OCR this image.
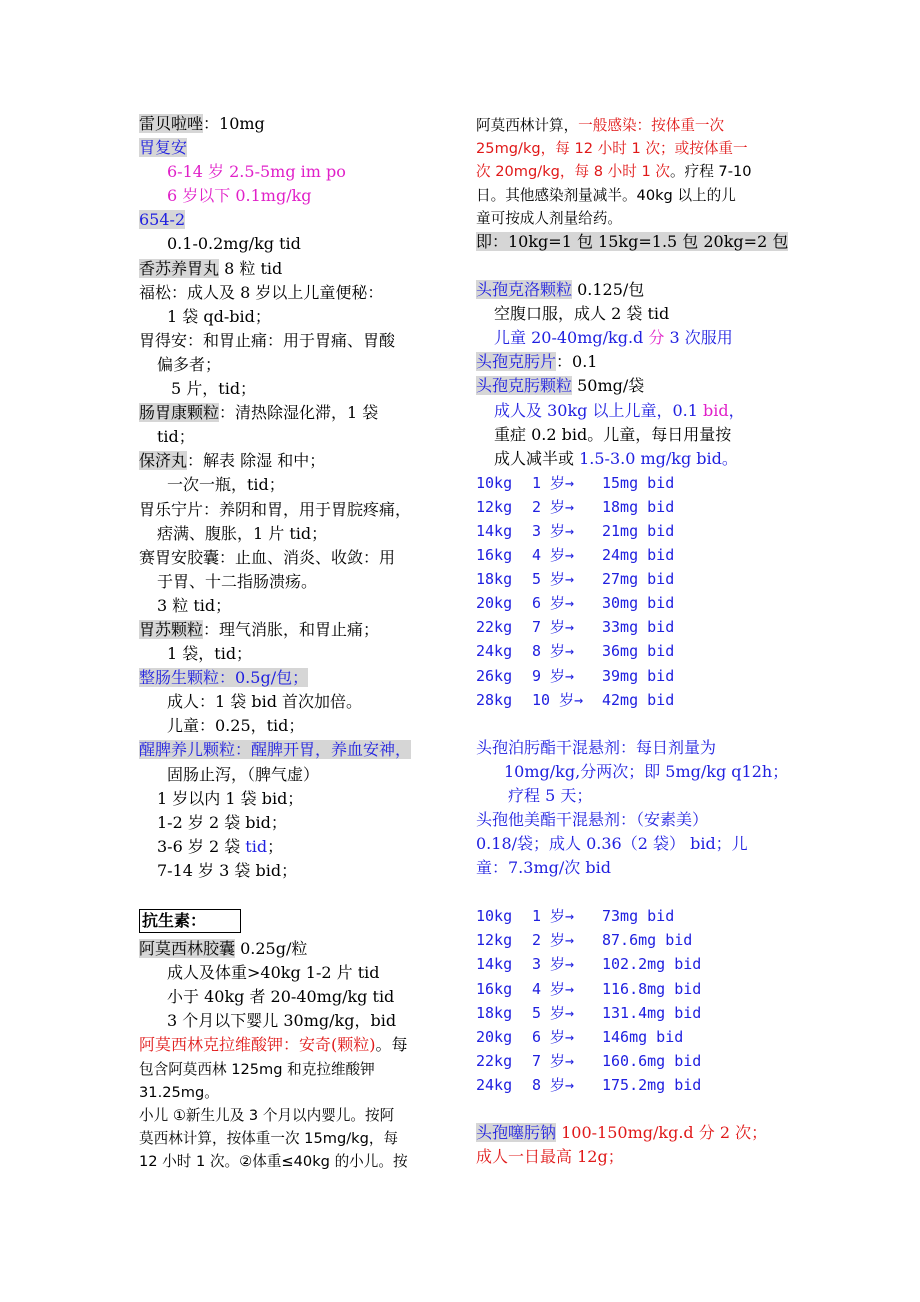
雷贝啦唑：10mg
胃复安
6-14 岁 2.5-5mg im po
6 岁以下 0.1mg/kg
654-2
0.1-0.2mg/kg tid
香苏养胃丸 8 粒 tid
福松：成人及 8 岁以上儿童便秘：
1 袋 qd-bid；
胃得安：和胃止痛：用于胃痛、胃酸
偏多者；
5 片，tid；
肠胃康颗粒：清热除湿化滞，1 袋
tid；
保济丸：解表 除湿 和中；
一次一瓶，tid；
胃乐宁片：养阴和胃，用于胃脘疼痛，
痞满、腹胀，1 片 tid；
赛胃安胶囊：止血、消炎、收敛：用
于胃、十二指肠溃疡。
3 粒 tid；
胃苏颗粒：理气消胀，和胃止痛；
1 袋，tid；
整肠生颗粒：0.5g/包；
成人：1 袋 bid 首次加倍。
儿童：0.25，tid；
醒脾养儿颗粒：醒脾开胃，养血安神，
固肠止泻，（脾气虚）
1 岁以内 1 袋 bid；
1-2 岁 2 袋 bid；
3-6 岁 2 袋 tid；
7-14 岁 3 袋 bid；
抗生素：
阿莫西林胶囊 0.25g/粒
成人及体重>40kg 1-2 片 tid
小于 40kg 者 20-40mg/kg tid
3 个月以下婴儿 30mg/kg，bid
阿莫西林克拉维酸钾：安奇(颗粒)。每
包含阿莫西林 125mg 和克拉维酸钾
31.25mg。
小儿 ①新生儿及 3 个月以内婴儿。按阿
莫西林计算，按体重一次 15mg/kg，每
12 小时 1 次。②体重≤40kg 的小儿。按
阿莫西林计算，一般感染：按体重一次
25mg/kg，每 12 小时 1 次；或按体重一
次 20mg/kg，每 8 小时 1 次。疗程 7-10
日。其他感染剂量减半。40kg 以上的儿
童可按成人剂量给药。
即：10kg=1 包 15kg=1.5 包 20kg=2 包
头孢克洛颗粒 0.125/包
空腹口服，成人 2 袋 tid
儿童 20-40mg/kg.d 分 3 次服用
头孢克肟片：0.1
头孢克肟颗粒 50mg/袋
成人及 30kg 以上儿童，0.1 bid，
重症 0.2 bid。儿童，每日用量按
成人减半或 1.5-3.0 mg/kg bid。
10kg 1 岁→ 15mg bid
12kg 2 岁→ 18mg bid
14kg 3 岁→ 21mg bid
16kg 4 岁→ 24mg bid
18kg 5 岁→ 27mg bid
20kg 6 岁→ 30mg bid
22kg 7 岁→ 33mg bid
24kg 8 岁→ 36mg bid
26kg 9 岁→ 39mg bid
28kg 10 岁→ 42mg bid
头孢泊肟酯干混悬剂：每日剂量为
10mg/kg,分两次；即 5mg/kg q12h；
疗程 5 天；
头孢他美酯干混悬剂：（安素美）
0.18/袋；成人 0.36（2 袋） bid；儿
童：7.3mg/次 bid
10kg 1 岁→ 73mg bid
12kg 2 岁→ 87.6mg bid
14kg 3 岁→ 102.2mg bid
16kg 4 岁→ 116.8mg bid
18kg 5 岁→ 131.4mg bid
20kg 6 岁→ 146mg bid
22kg 7 岁→ 160.6mg bid
24kg 8 岁→ 175.2mg bid
头孢噻肟钠 100-150mg/kg.d 分 2 次；
成人一日最高 12g；
